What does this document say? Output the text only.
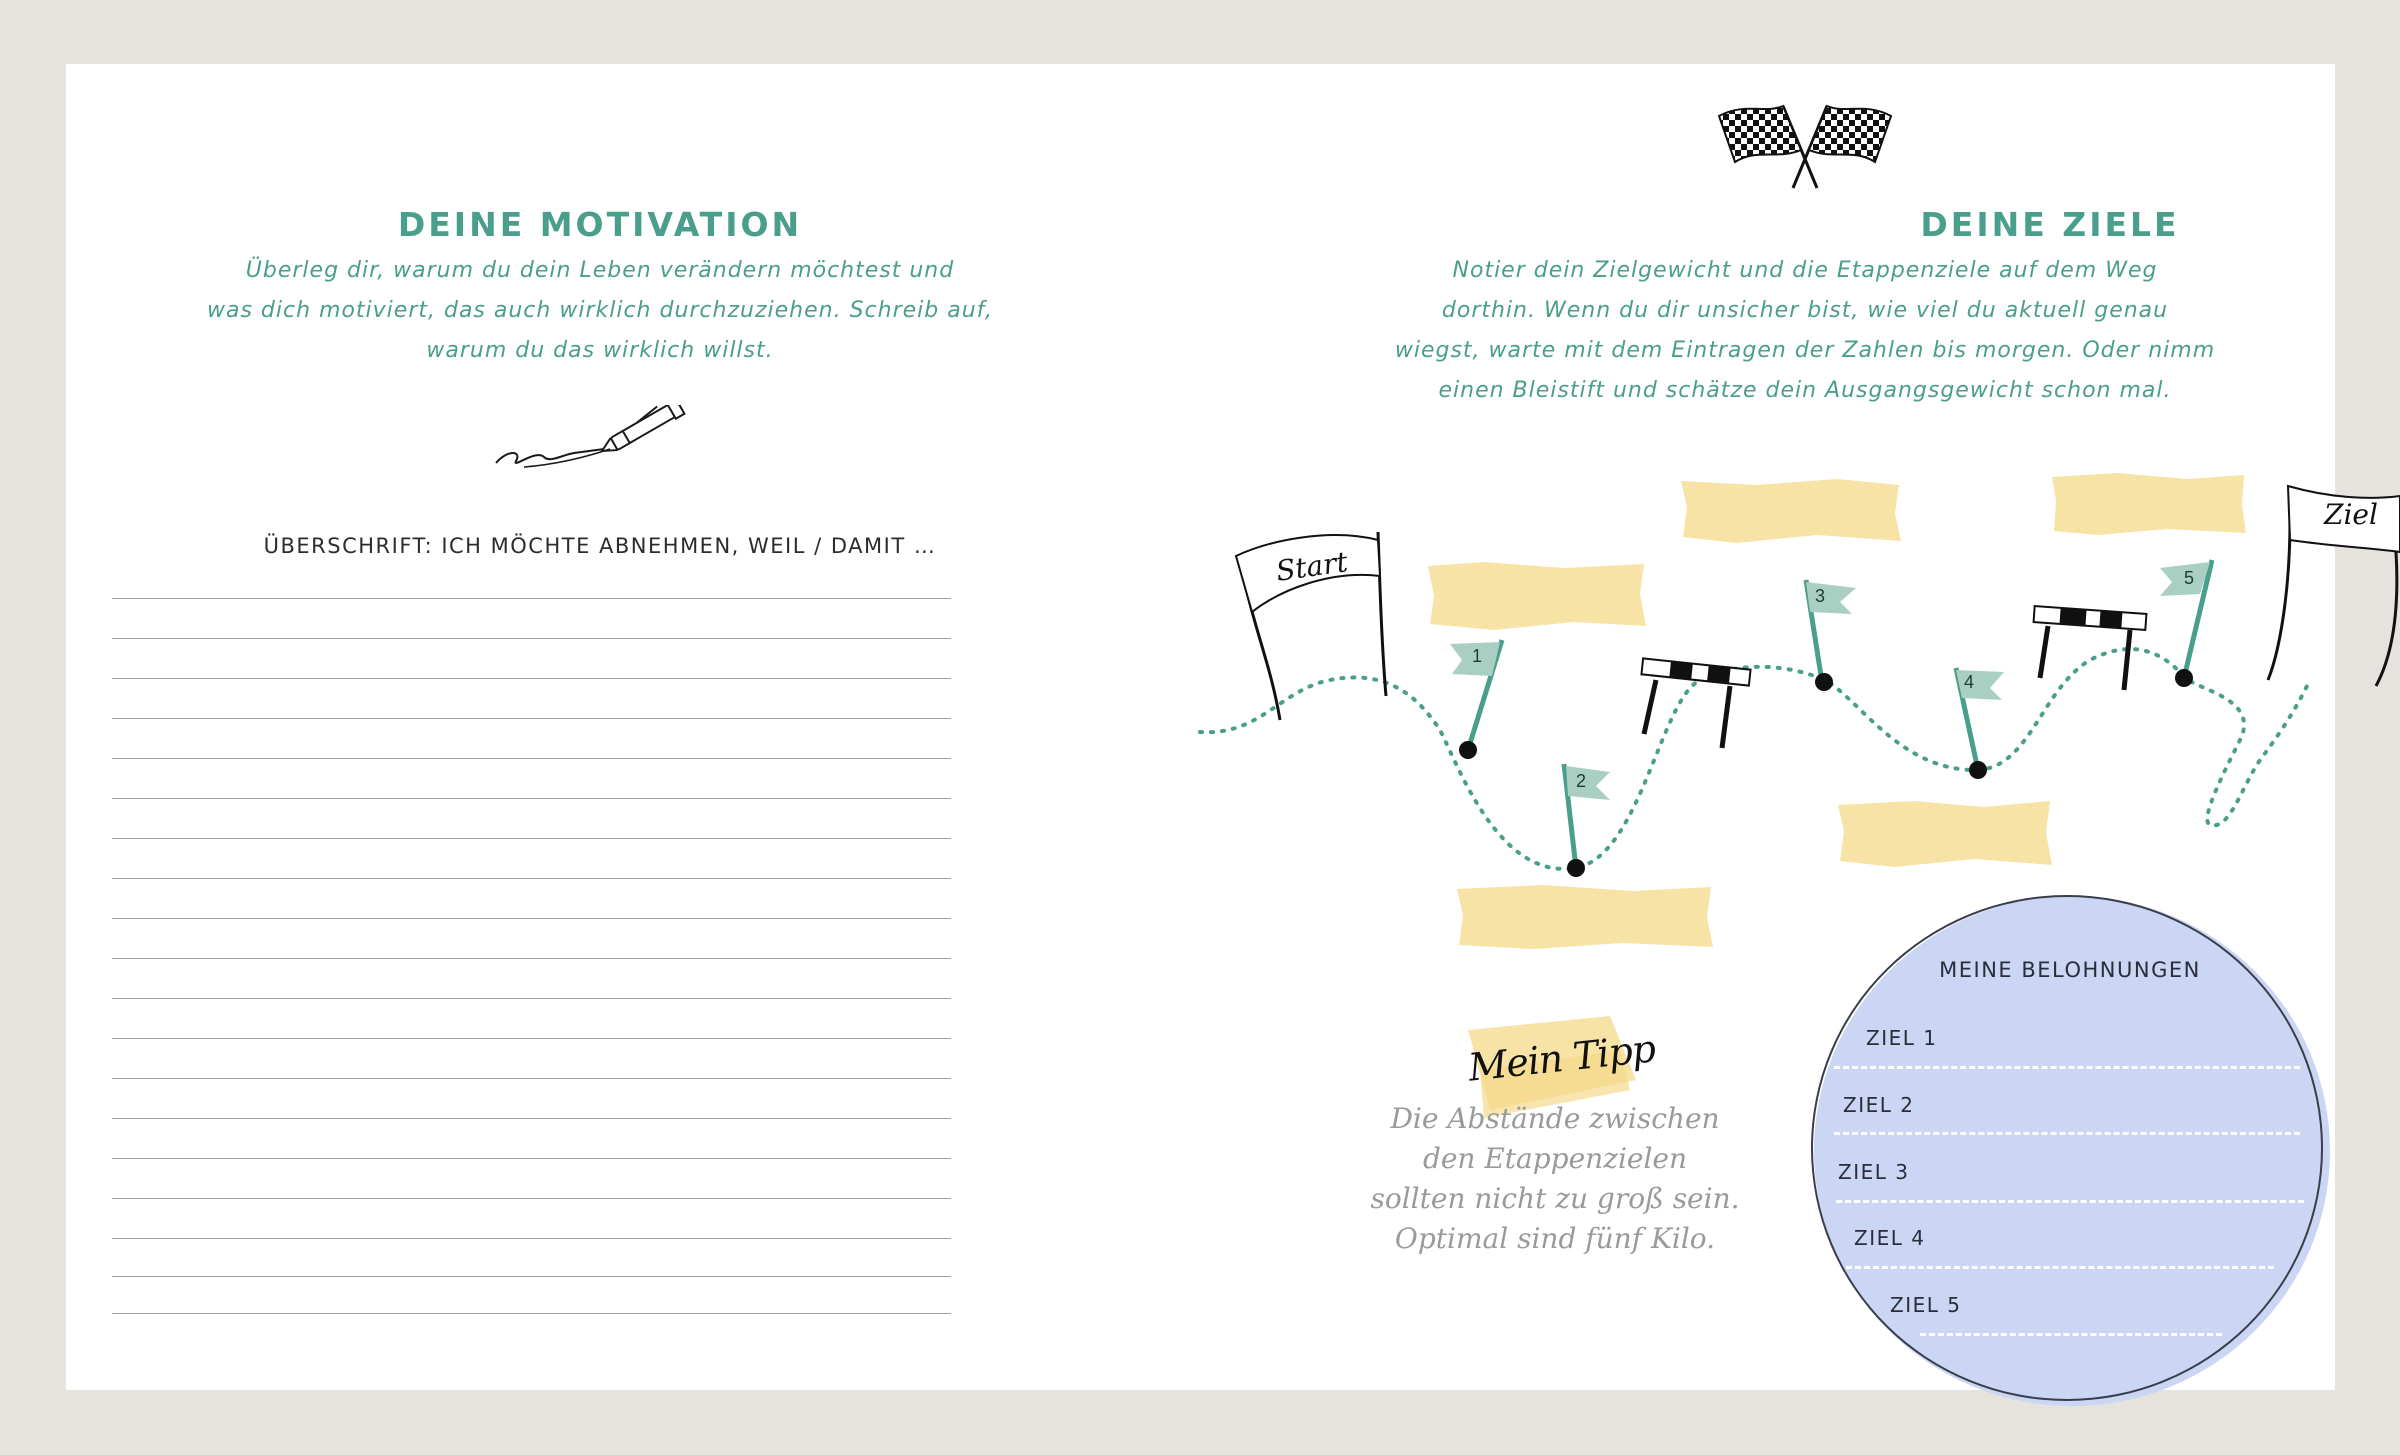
DEINE MOTIVATION
Überleg dir, warum du dein Leben verändern möchtest und
was dich motiviert, das auch wirklich durchzuziehen. Schreib auf,
warum du das wirklich willst.
ÜBERSCHRIFT: ICH MÖCHTE ABNEHMEN, WEIL / DAMIT …
DEINE ZIELE
Notier dein Zielgewicht und die Etappenziele auf dem Weg
dorthin. Wenn du dir unsicher bist, wie viel du aktuell genau
wiegst, warte mit dem Eintragen der Zahlen bis morgen. Oder nimm
einen Bleistift und schätze dein Ausgangsgewicht schon mal.
Start
Ziel
1
2
3
4
5
Mein Tipp
Die Abstände zwischen
den Etappenzielen
sollten nicht zu groß sein.
Optimal sind fünf Kilo.
MEINE BELOHNUNGEN
ZIEL 1
ZIEL 2
ZIEL 3
ZIEL 4
ZIEL 5
